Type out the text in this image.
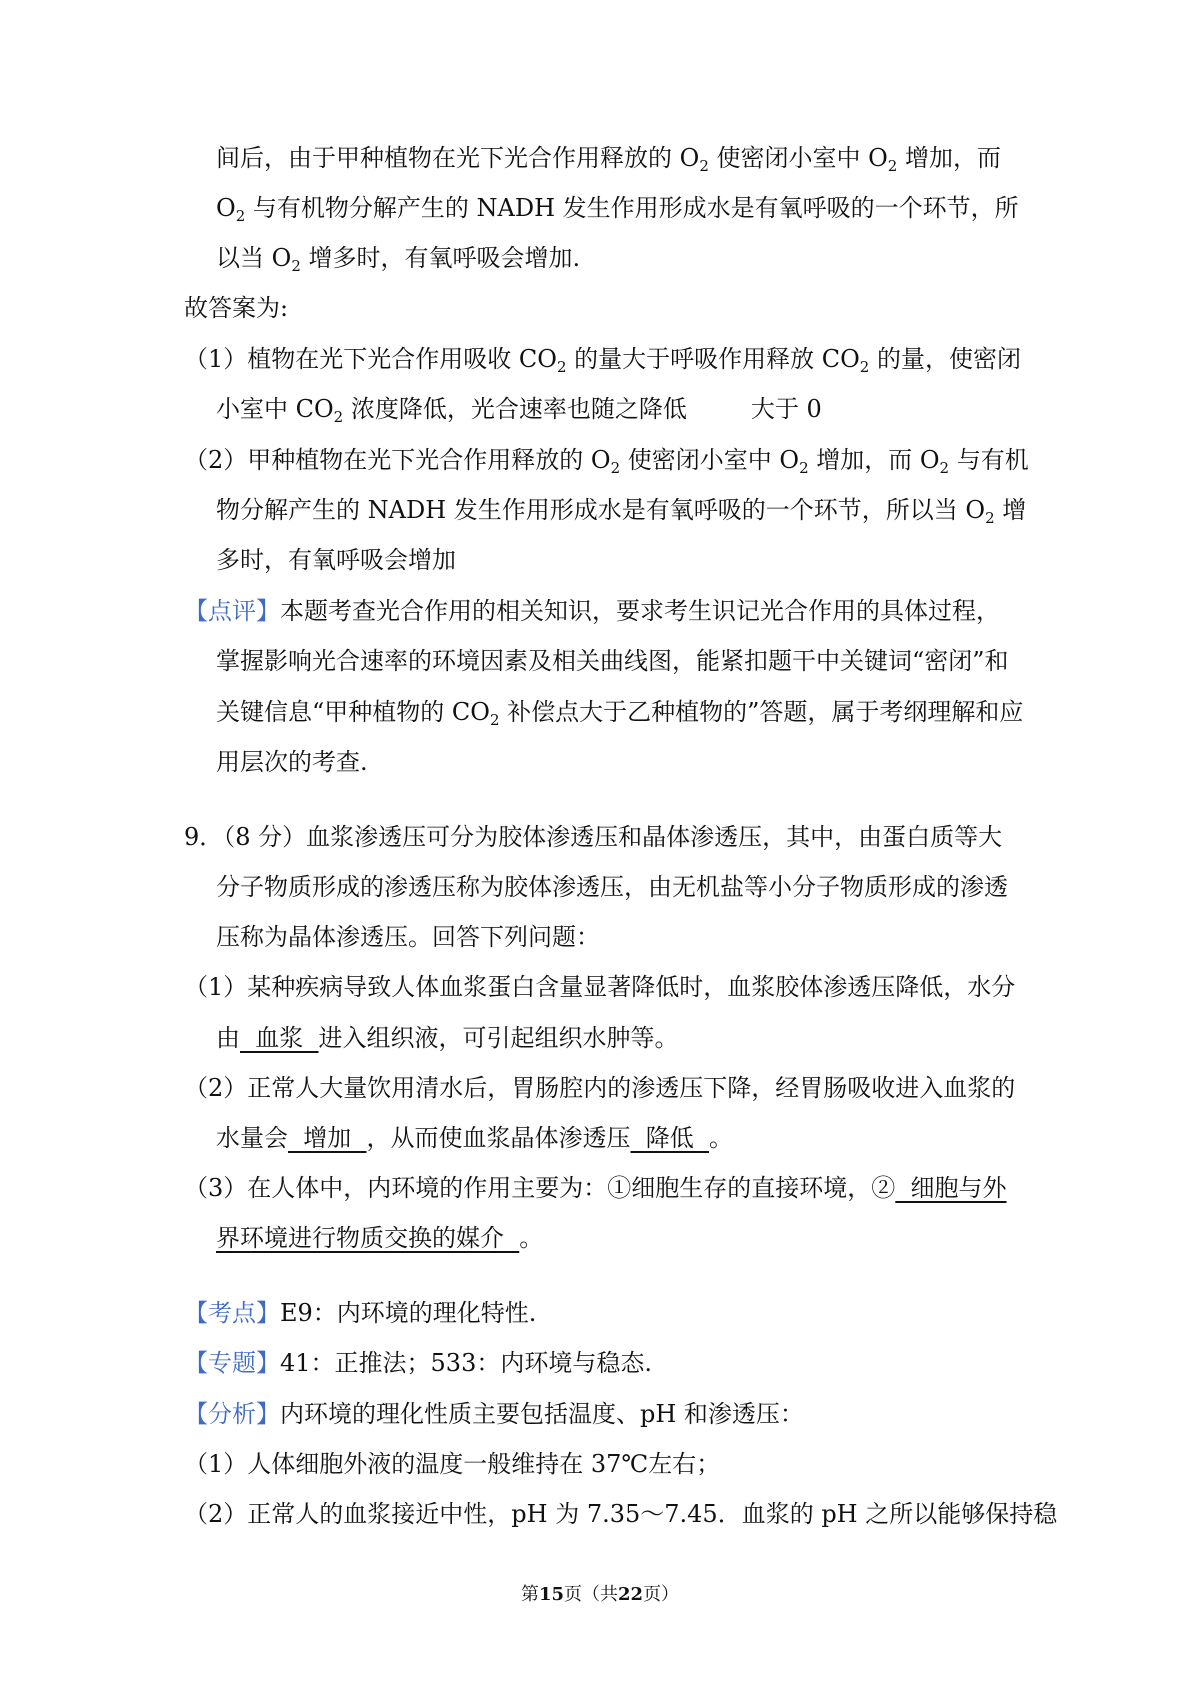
间后，由于甲种植物在光下光合作用释放的 $O_2$ 使密闭小室中 $O_2$ 增加，而
$O_2$ 与有机物分解产生的 NADH 发生作用形成水是有氧呼吸的一个环节，所
以当 $O_2$ 增多时，有氧呼吸会增加.
故答案为:
（1）植物在光下光合作用吸收 $CO_2$ 的量大于呼吸作用释放 $CO_2$ 的量，使密闭
小室中 $CO_2$ 浓度降低，光合速率也随之降低	大于 0
（2）甲种植物在光下光合作用释放的 $O_2$ 使密闭小室中 $O_2$ 增加，而 $O_2$ 与有机
物分解产生的 NADH 发生作用形成水是有氧呼吸的一个环节，所以当 $O_2$ 增
多时，有氧呼吸会增加
【点评】本题考查光合作用的相关知识，要求考生识记光合作用的具体过程，
掌握影响光合速率的环境因素及相关曲线图，能紧扣题干中关键词“密闭”和
关键信息“甲种植物的 $CO_2$ 补偿点大于乙种植物的”答题，属于考纲理解和应
用层次的考查.
9．（8 分）血浆渗透压可分为胶体渗透压和晶体渗透压，其中，由蛋白质等大
分子物质形成的渗透压称为胶体渗透压，由无机盐等小分子物质形成的渗透
压称为晶体渗透压。回答下列问题：
（1）某种疾病导致人体血浆蛋白含量显著降低时，血浆胶体渗透压降低，水分
由  血浆  进入组织液，可引起组织水肿等。
（2）正常人大量饮用清水后，胃肠腔内的渗透压下降，经胃肠吸收进入血浆的
水量会  增加  ，从而使血浆晶体渗透压  降低  。
（3）在人体中，内环境的作用主要为：①细胞生存的直接环境，②  细胞与外
界环境进行物质交换的媒介  。
【考点】E9：内环境的理化特性.
【专题】41：正推法；533：内环境与稳态.
【分析】内环境的理化性质主要包括温度、pH 和渗透压：
（1）人体细胞外液的温度一般维持在 37℃左右；
（2）正常人的血浆接近中性，pH 为 7.35～7.45．血浆的 pH 之所以能够保持稳
第15页（共22页）
